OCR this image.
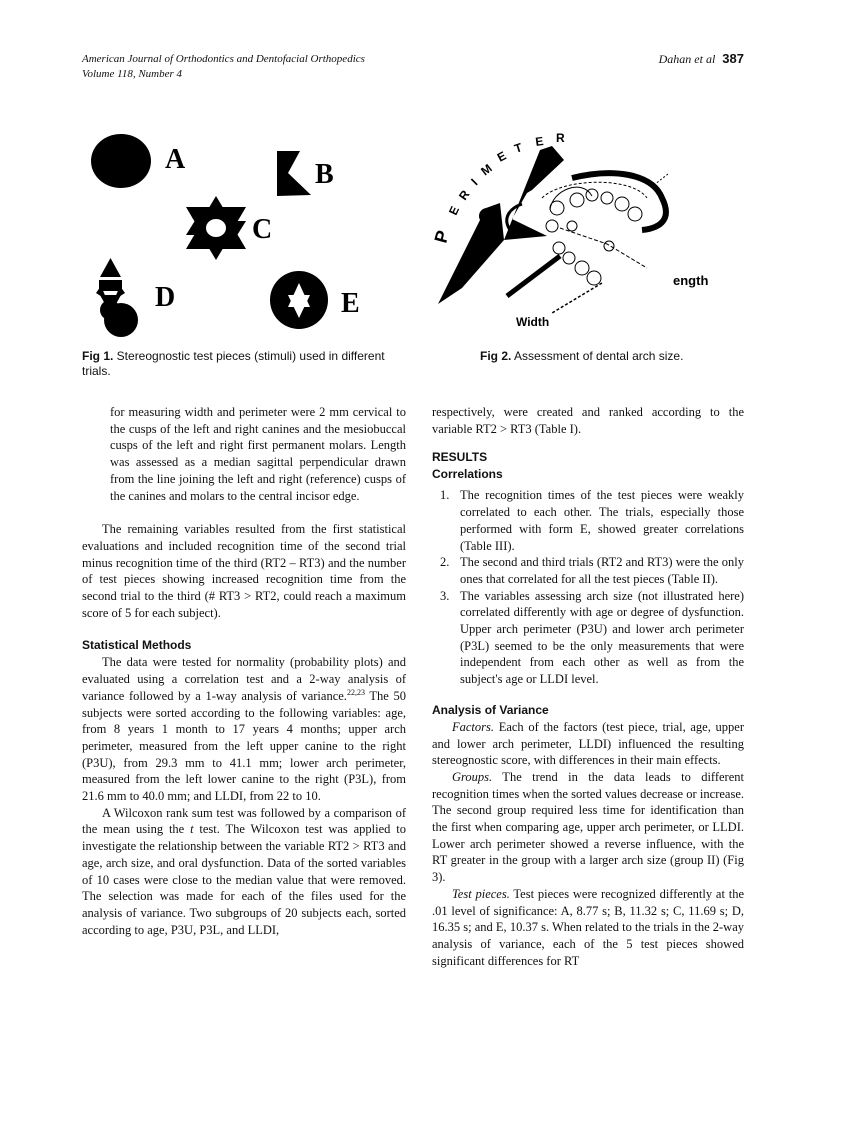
American Journal of Orthodontics and Dentofacial Orthopedics
Volume 118, Number 4
Dahan et al 387
A	B
C
D	E
P
E
R
I
M
E
T E R
ength
Width
Fig 1. Stereognostic test pieces (stimuli) used in different trials.
Fig 2. Assessment of dental arch size.

for measuring width and perimeter were 2 mm cervical to the cusps of the left and right canines and the mesiobuccal cusps of the left and right first permanent molars. Length was assessed as a median sagittal perpendicular drawn from the line joining the left and right (reference) cusps of the canines and molars to the central incisor edge.

The remaining variables resulted from the first statistical evaluations and included recognition time of the second trial minus recognition time of the third (RT2 – RT3) and the number of test pieces showing increased recognition time from the second trial to the third (# RT3 > RT2, could reach a maximum score of 5 for each subject).

Statistical Methods

The data were tested for normality (probability plots) and evaluated using a correlation test and a 2-way analysis of variance followed by a 1-way analysis of variance.$^{22,23}$ The 50 subjects were sorted according to the following variables: age, from 8 years 1 month to 17 years 4 months; upper arch perimeter, measured from the left upper canine to the right (P3U), from 29.3 mm to 41.1 mm; lower arch perimeter, measured from the left lower canine to the right (P3L), from 21.6 mm to 40.0 mm; and LLDI, from 22 to 10.

A Wilcoxon rank sum test was followed by a comparison of the mean using the t test. The Wilcoxon test was applied to investigate the relationship between the variable RT2 > RT3 and age, arch size, and oral dysfunction. Data of the sorted variables of 10 cases were close to the median value that were removed. The selection was made for each of the files used for the analysis of variance. Two subgroups of 20 subjects each, sorted according to age, P3U, P3L, and LLDI,

respectively, were created and ranked according to the variable RT2 > RT3 (Table I).

RESULTS
Correlations
1. The recognition times of the test pieces were weakly correlated to each other. The trials, especially those performed with form E, showed greater correlations (Table III).
2. The second and third trials (RT2 and RT3) were the only ones that correlated for all the test pieces (Table II).
3. The variables assessing arch size (not illustrated here) correlated differently with age or degree of dysfunction. Upper arch perimeter (P3U) and lower arch perimeter (P3L) seemed to be the only measurements that were independent from each other as well as from the subject's age or LLDI level.
Analysis of Variance

Factors. Each of the factors (test piece, trial, age, upper and lower arch perimeter, LLDI) influenced the resulting stereognostic score, with differences in their main effects.

Groups. The trend in the data leads to different recognition times when the sorted values decrease or increase. The second group required less time for identification than the first when comparing age, upper arch perimeter, or LLDI. Lower arch perimeter showed a reverse influence, with the RT greater in the group with a larger arch size (group II) (Fig 3).

Test pieces. Test pieces were recognized differently at the .01 level of significance: A, 8.77 s; B, 11.32 s; C, 11.69 s; D, 16.35 s; and E, 10.37 s. When related to the trials in the 2-way analysis of variance, each of the 5 test pieces showed significant differences for RT
